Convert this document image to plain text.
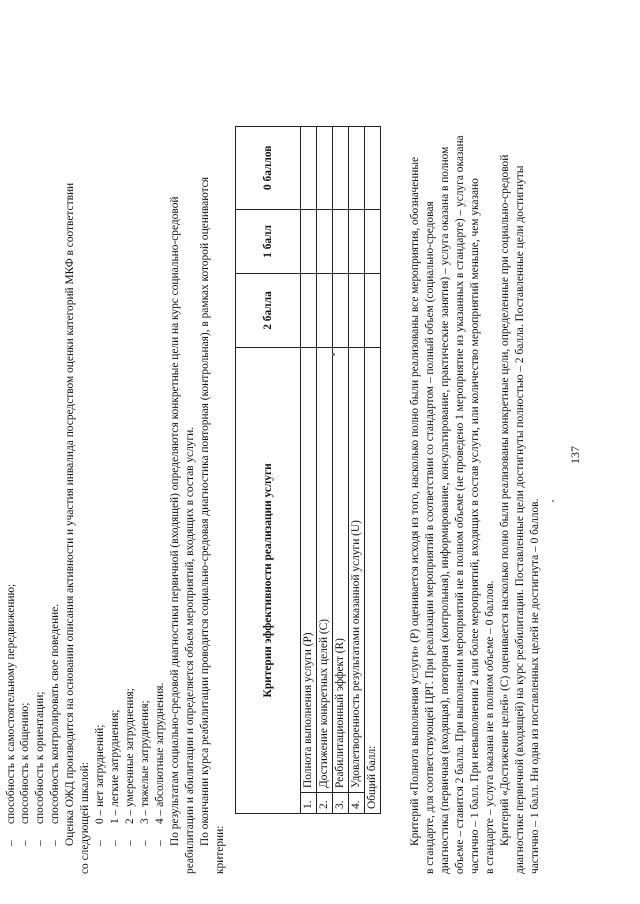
137
–способность к самостоятельному передвижению;
–способность к общению;
–способность к ориентации;
–способность контролировать свое поведение. Оценка ОЖД производится на основании описания активности и участия инвалида посредством оценки категорий МКФ в соответствии со следующей шкалой: –0 – нет затруднений;
–1 – легкие затруднения;
–2 – умеренные затруднения;
–3 – тяжелые затруднения;
–4 – абсолютные затруднения. По результатам социально-средовой диагностики первичной (входящей) определяются конкретные цели на курс социально-средовой реабилитации и абилитации и определяется объем мероприятий, входящих в состав услуги. По окончании курса реабилитации проводится социально-средовая диагностика повторная (контрольная), в рамках которой оцениваются
критерии:
Критерии эффективности реализации услуги		2 балла	1 балл	0 баллов
1.	Полнота выполнения услуги (Р)			
2.	Достижение конкретных целей (С)			
3.	Реабилитационный эффект (R)			
4.	Удовлетворенность результатами оказанной услуги (U)			
Общий балл:					Критерий «Полнота выполнения услуги» (Р) оценивается исходя из того, насколько полно были реализованы все мероприятия, обозначенные в стандарте, для соответствующей ЦРГ. При реализации мероприятий в соответствии со стандартом – полный объем (социально-средовая диагностика (первичная (входящая), повторная (контрольная), информирование, консультирование, практические занятия) – услуга оказана в полном объеме – ставится 2 балла. При выполнении мероприятий не в полном объеме (не проведено 1 мероприятие из указанных в стандарте) – услуга оказана частично – 1 балл. При невыполнении 2 или более мероприятий, входящих в состав услуги, или количество мероприятий меньше, чем указано в стандарте – услуга оказана не в полном объеме – 0 баллов. Критерий «Достижение целей» (С) оценивается насколько полно были реализованы конкретные цели, определенные при социально-средовой диагностике первичной (входящей) на курс реабилитации. Поставленные цели достигнуты полностью – 2 балла. Поставленные цели достигнуты частично – 1 балл. Ни одна из поставленных целей не достигнута – 0 баллов.
